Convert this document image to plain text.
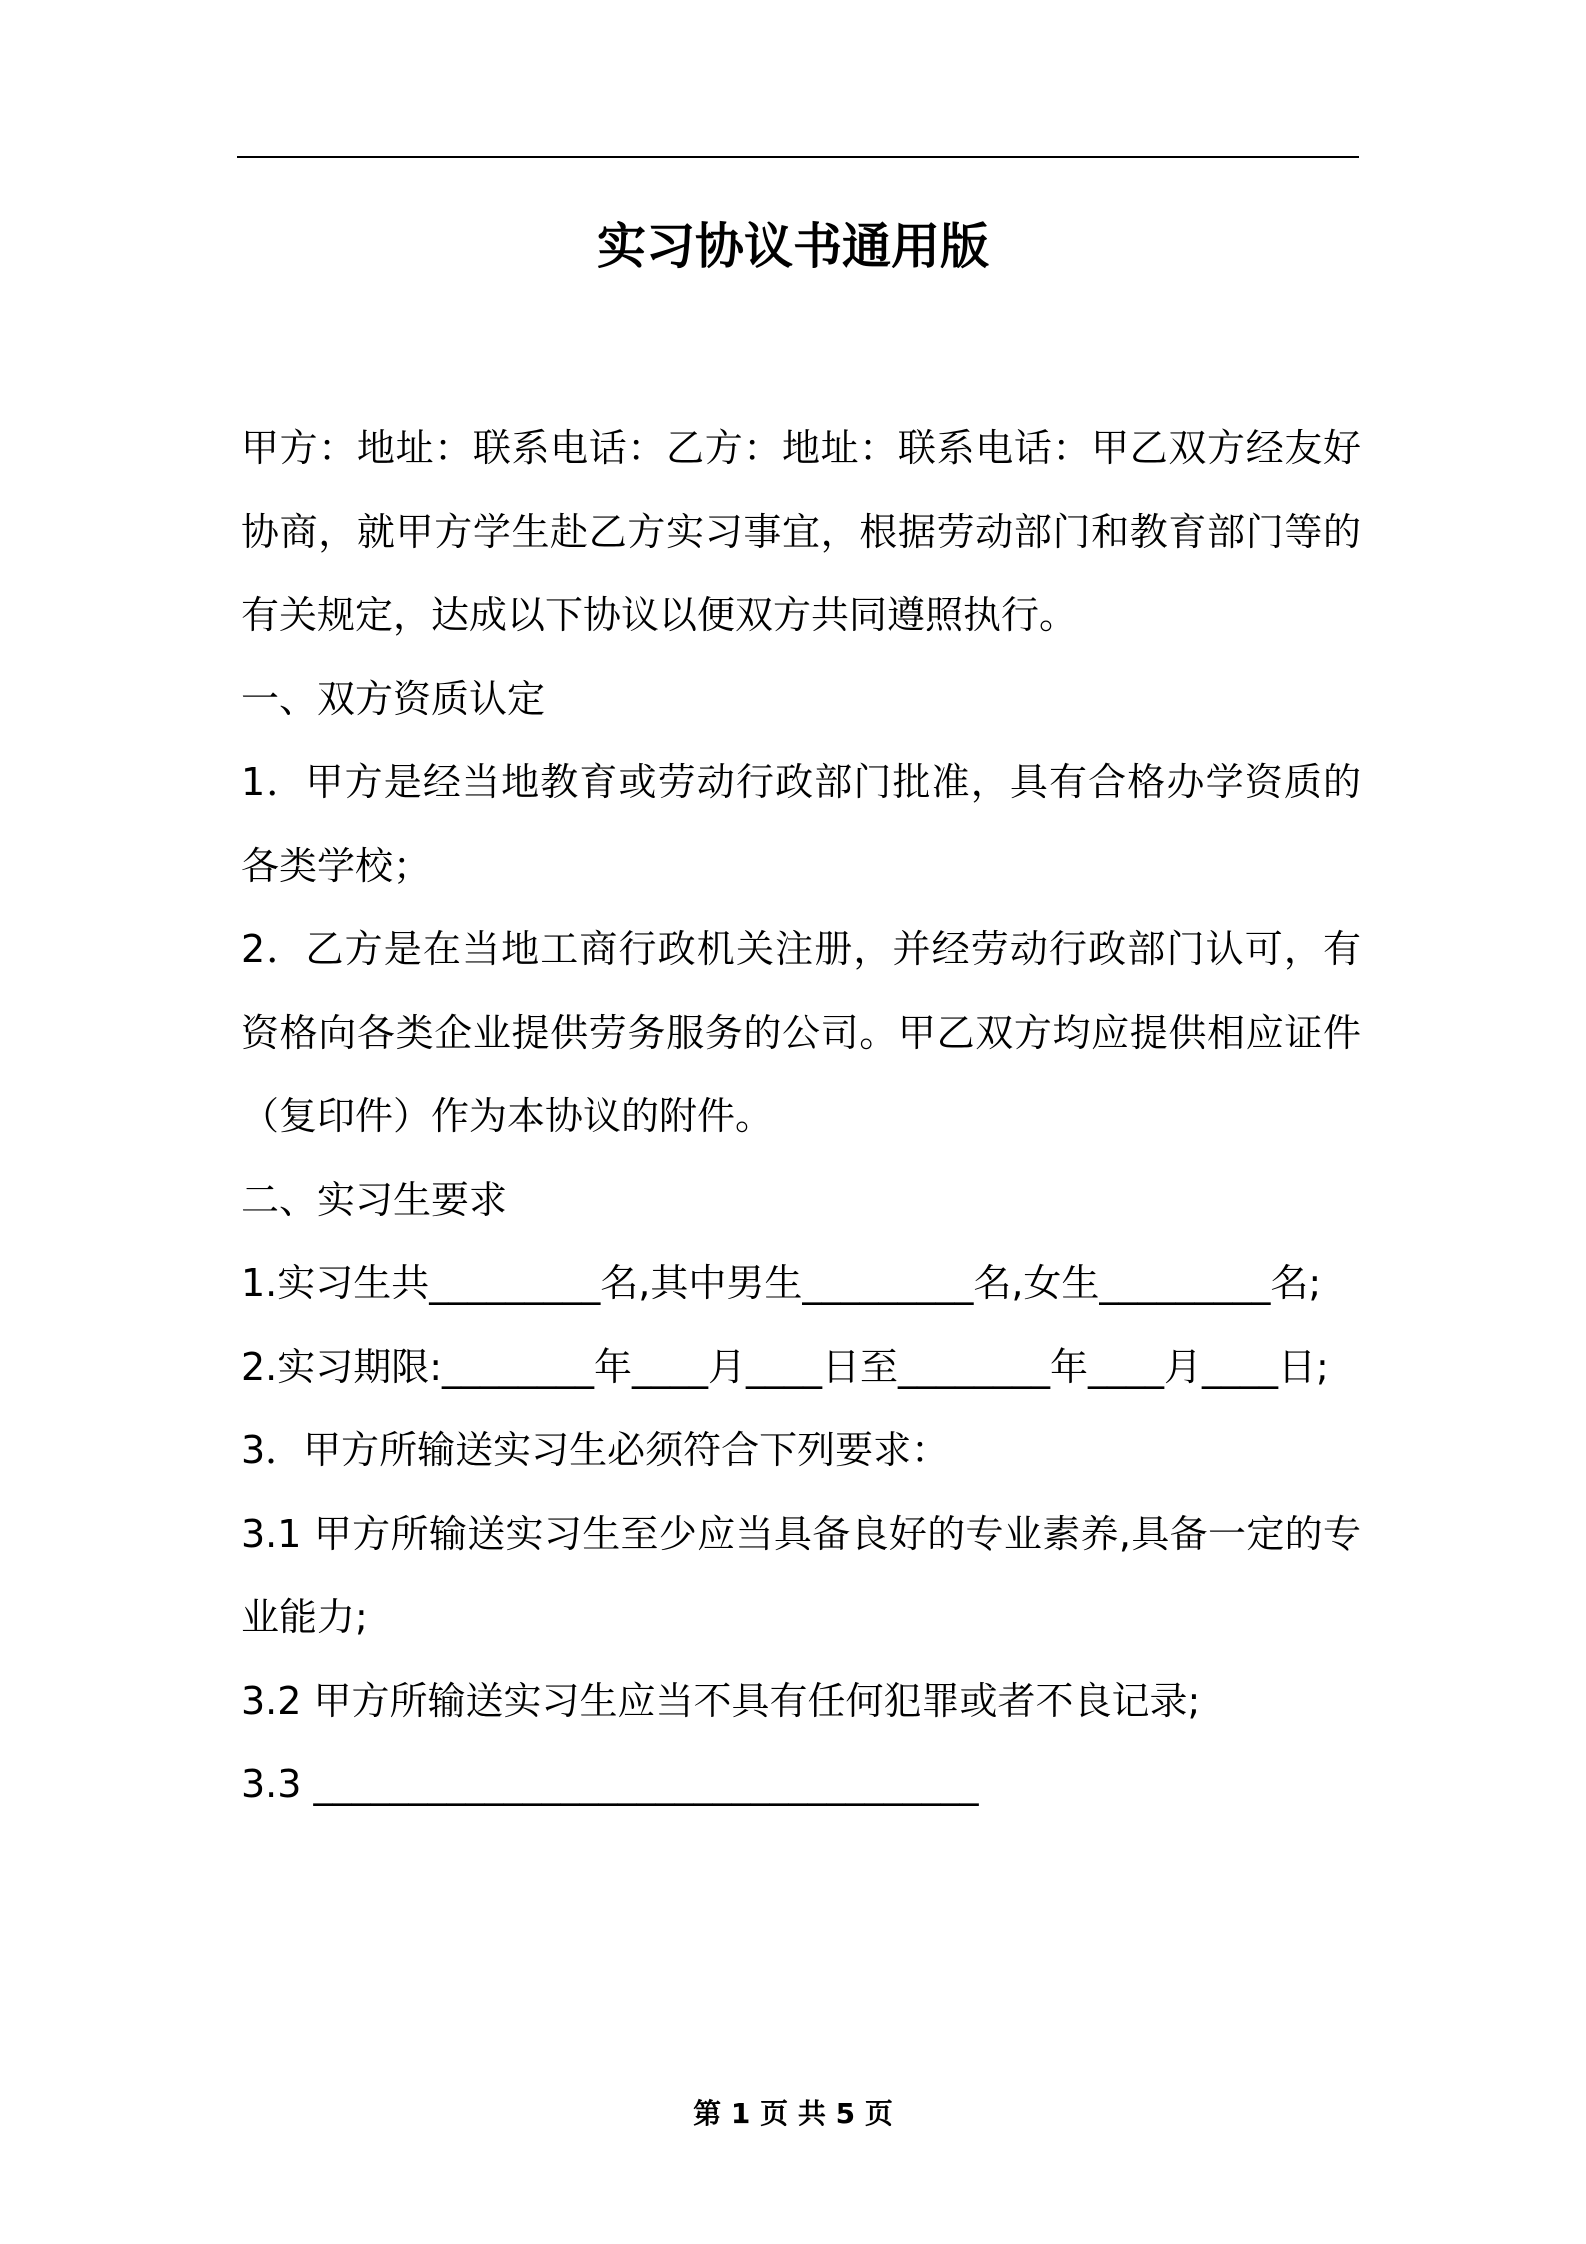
实习协议书通用版

甲方：地址：联系电话：乙方：地址：联系电话：甲乙双方经友好协商，就甲方学生赴乙方实习事宜，根据劳动部门和教育部门等的有关规定，达成以下协议以便双方共同遵照执行。

一、双方资质认定

1．甲方是经当地教育或劳动行政部门批准，具有合格办学资质的各类学校；

2．乙方是在当地工商行政机关注册，并经劳动行政部门认可，有资格向各类企业提供劳务服务的公司。甲乙双方均应提供相应证件（复印件）作为本协议的附件。

二、实习生要求

1.实习生共_________名,其中男生_________名,女生_________名;

2.实习期限:________年____月____日至________年____月____日;

3．甲方所输送实习生必须符合下列要求：

3.1 甲方所输送实习生至少应当具备良好的专业素养,具备一定的专业能力;

3.2 甲方所输送实习生应当不具有任何犯罪或者不良记录;

3.3 ___________________________________

第 1 页 共 5 页
